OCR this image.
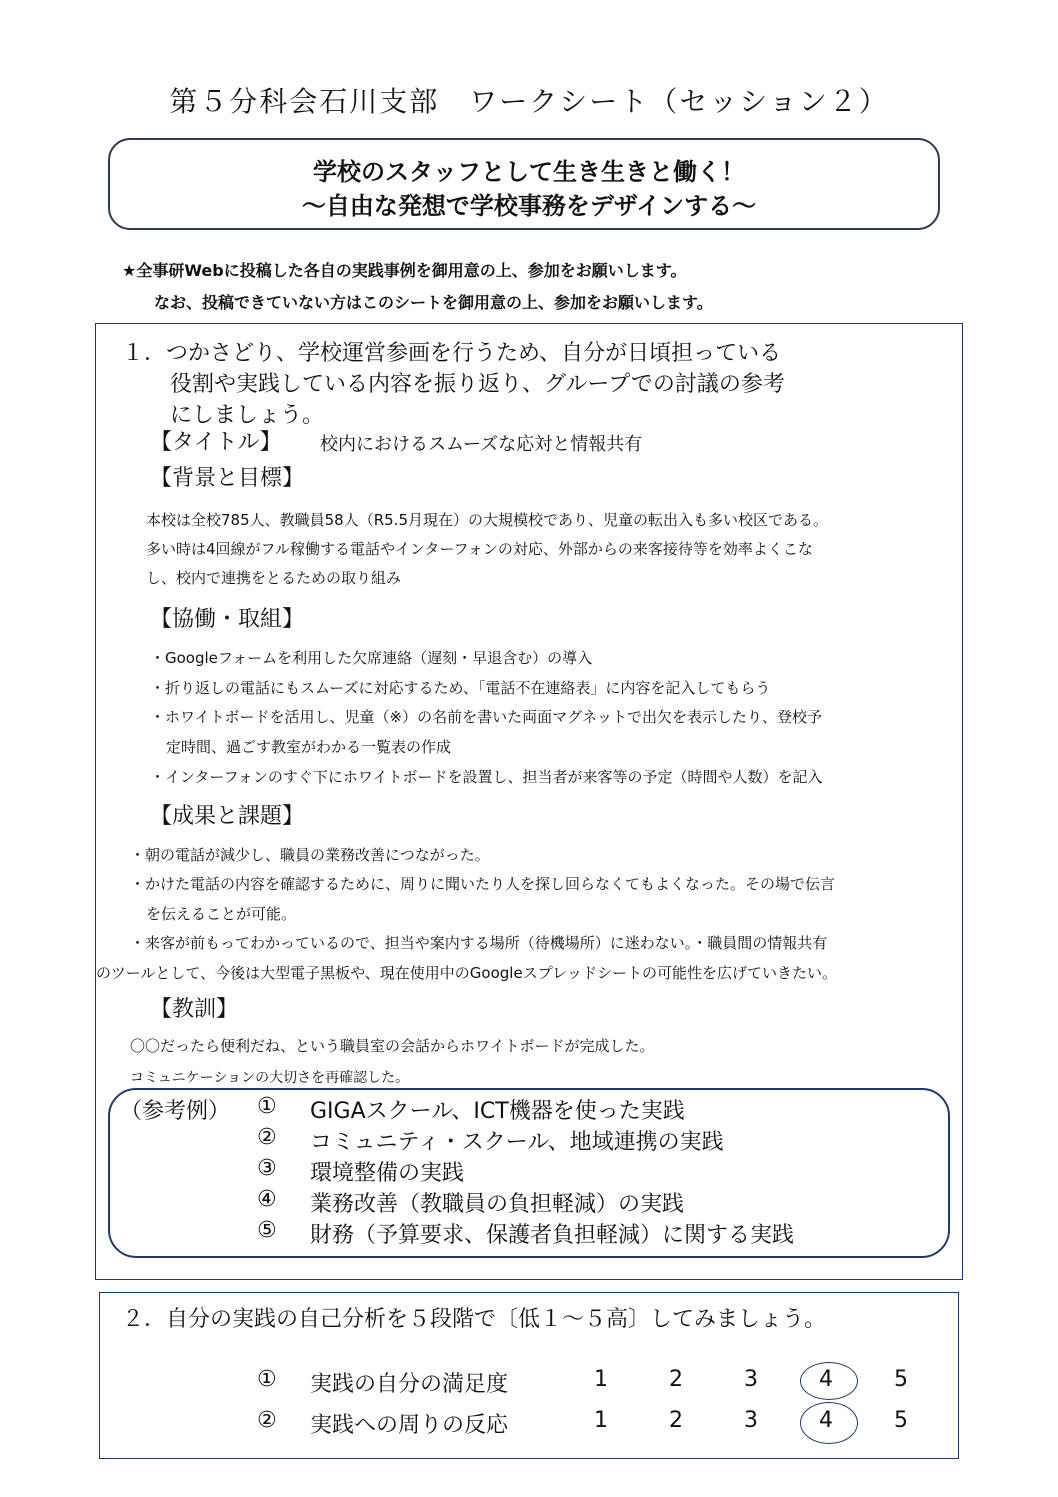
第５分科会石川支部　ワークシート（セッション２）
学校のスタッフとして生き生きと働く！
〜自由な発想で学校事務をデザインする〜
★全事研Webに投稿した各自の実践事例を御用意の上、参加をお願いします。
なお、投稿できていない方はこのシートを御用意の上、参加をお願いします。
１．つかさどり、学校運営参画を行うため、自分が日頃担っている
役割や実践している内容を振り返り、グループでの討議の参考
にしましょう。
【タイトル】 校内におけるスムーズな応対と情報共有
【背景と目標】
本校は全校785人、教職員58人（R5.5月現在）の大規模校であり、児童の転出入も多い校区である。
多い時は4回線がフル稼働する電話やインターフォンの対応、外部からの来客接待等を効率よくこな
し、校内で連携をとるための取り組み
【協働・取組】
・Googleフォームを利用した欠席連絡（遅刻・早退含む）の導入
・折り返しの電話にもスムーズに対応するため、「電話不在連絡表」に内容を記入してもらう
・ホワイトボードを活用し、児童（※）の名前を書いた両面マグネットで出欠を表示したり、登校予
定時間、過ごす教室がわかる一覧表の作成
・インターフォンのすぐ下にホワイトボードを設置し、担当者が来客等の予定（時間や人数）を記入
【成果と課題】
・朝の電話が減少し、職員の業務改善につながった。
・かけた電話の内容を確認するために、周りに聞いたり人を探し回らなくてもよくなった。その場で伝言
を伝えることが可能。
・来客が前もってわかっているので、担当や案内する場所（待機場所）に迷わない。・職員間の情報共有
のツールとして、今後は大型電子黒板や、現在使用中のGoogleスプレッドシートの可能性を広げていきたい。
【教訓】
〇〇だったら便利だね、という職員室の会話からホワイトボードが完成した。
コミュニケーションの大切さを再確認した。
（参考例） ① GIGAスクール、ICT機器を使った実践
② コミュニティ・スクール、地域連携の実践
③ 環境整備の実践
④ 業務改善（教職員の負担軽減）の実践
⑤ 財務（予算要求、保護者負担軽減）に関する実践
２．自分の実践の自己分析を５段階で〔低１〜５高〕してみましょう。
① 実践の自分の満足度	1	2	3	4	5
② 実践への周りの反応	1	2	3	4	5
